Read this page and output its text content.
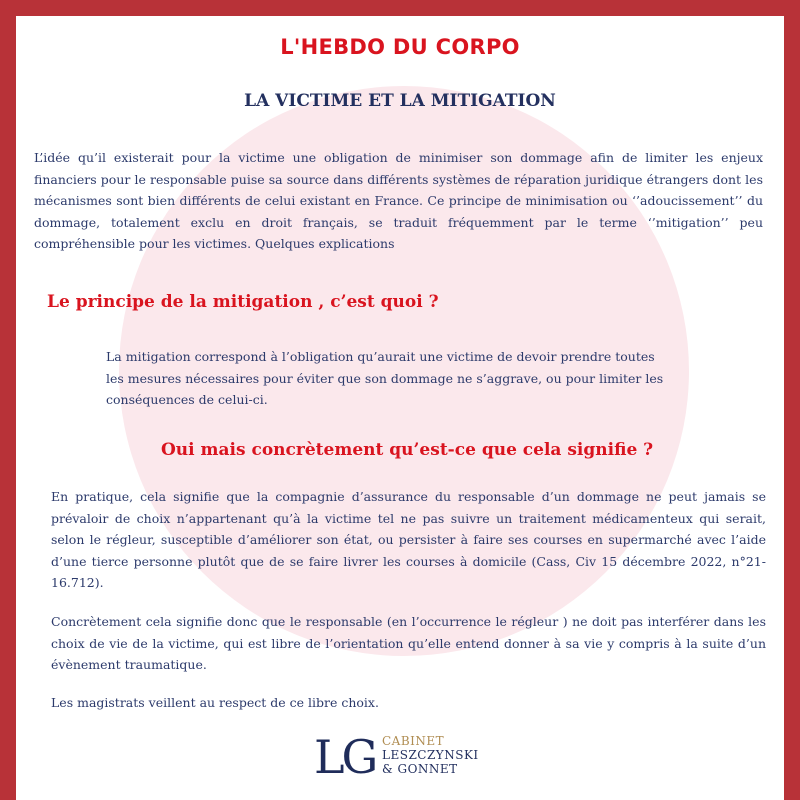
L'HEBDO DU CORPO
LA VICTIME ET LA MITIGATION

L’idée qu’il existerait pour la victime une obligation de minimiser son dommage afin de limiter les enjeux financiers pour le responsable puise sa source dans différents systèmes de réparation juridique étrangers dont les mécanismes sont bien différents de celui existant en France. Ce principe de minimisation ou ‘’adoucissement’’ du dommage, totalement exclu en droit français, se traduit fréquemment par le terme ‘’mitigation’’ peu compréhensible pour les victimes. Quelques explications

Le principe de la mitigation , c’est quoi ?

La mitigation correspond à l’obligation qu’aurait une victime de devoir prendre toutes les mesures nécessaires pour éviter que son dommage ne s’aggrave, ou pour limiter les conséquences de celui-ci.

Oui mais concrètement qu’est-ce que cela signifie ?

En pratique, cela signifie que la compagnie d’assurance du responsable d’un dommage ne peut jamais se prévaloir de choix n’appartenant qu’à la victime tel ne pas suivre un traitement médicamenteux qui serait, selon le régleur, susceptible d’améliorer son état, ou persister à faire ses courses en supermarché avec l’aide d’une tierce personne plutôt que de se faire livrer les courses à domicile (Cass, Civ 15 décembre 2022, n°21-16.712).

Concrètement cela signifie donc que le responsable (en l’occurrence le régleur ) ne doit pas interférer dans les choix de vie de la victime, qui est libre de l’orientation qu’elle entend donner à sa vie y compris à la suite d’un évènement traumatique.

Les magistrats veillent au respect de ce libre choix.

LG CABINET
LESZCZYNSKI
& GONNET
